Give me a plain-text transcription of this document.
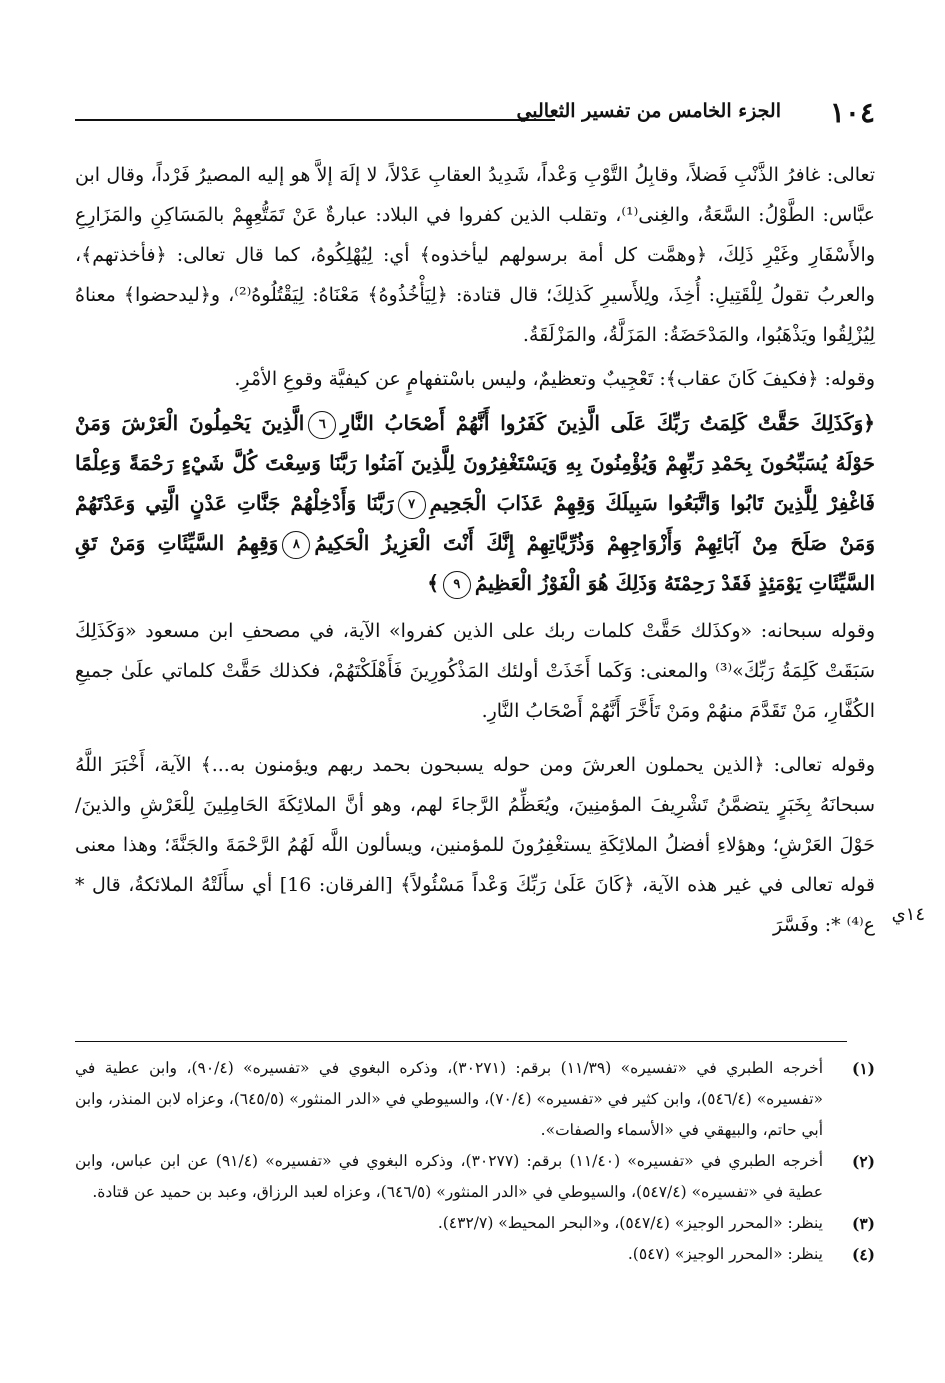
١٠٤
الجزء الخامس من تفسير الثعالبي

تعالى: غافرُ الذَّنْبِ فَضلاً، وقابِلُ التَّوْبِ وَعْداً، شَدِيدُ العقابِ عَدْلاً، لا إلَهَ إلاَّ هو إليه المصيرُ فَرْداً، وقال ابن عبَّاس: الطَّوْلُ: السَّعَةُ، والغِنى⁽¹⁾، وتقلب الذين كفروا في البلاد: عبارةٌ عَنْ تَمَتُّعِهِمْ بالمَسَاكِنِ والمَزَارِعِ والأَسْفَارِ وغَيْرِ ذَلِكَ، ﴿وهمَّت كل أمة برسولهم ليأخذوه﴾ أي: لِيُهْلِكُوهُ، كما قال تعالى: ﴿فأخذتهم﴾، والعربُ تقولُ لِلْقَتِيلِ: أُخِذَ، ولِلأَسيرِ كَذلِكَ؛ قال قتادة: ﴿لِيَأْخُذُوهُ﴾ مَعْنَاهُ: لِيَقْتُلُوهُ⁽²⁾، و﴿ليدحضوا﴾ معناهُ لِيُزْلِقُوا ويَذْهَبُوا، والمَدْحَضَةُ: المَزَلَّةُ، والمَزْلَقَةُ.

وقوله: ﴿فكيفَ كَانَ عقاب﴾: تَعْجِيبٌ وتعظيمٌ، وليس باسْتفهامٍ عن كيفيَّة وقوعِ الأمْرِ.

﴿وَكَذَلِكَ حَقَّتْ كَلِمَتُ رَبِّكَ عَلَى الَّذِينَ كَفَرُوا أَنَّهُمْ أَصْحَابُ النَّارِ٦الَّذِينَ يَحْمِلُونَ الْعَرْشَ وَمَنْ حَوْلَهُ يُسَبِّحُونَ بِحَمْدِ رَبِّهِمْ وَيُؤْمِنُونَ بِهِ وَيَسْتَغْفِرُونَ لِلَّذِينَ آمَنُوا رَبَّنَا وَسِعْتَ كُلَّ شَيْءٍ رَحْمَةً وَعِلْمًا فَاغْفِرْ لِلَّذِينَ تَابُوا وَاتَّبَعُوا سَبِيلَكَ وَقِهِمْ عَذَابَ الْجَحِيمِ٧رَبَّنَا وَأَدْخِلْهُمْ جَنَّاتِ عَدْنٍ الَّتِي وَعَدْتَهُمْ وَمَنْ صَلَحَ مِنْ آبَائِهِمْ وَأَزْوَاجِهِمْ وَذُرِّيَّاتِهِمْ إِنَّكَ أَنْتَ الْعَزِيزُ الْحَكِيمُ٨وَقِهِمُ السَّيِّئَاتِ وَمَنْ تَقِ السَّيِّئَاتِ يَوْمَئِذٍ فَقَدْ رَحِمْتَهُ وَذَلِكَ هُوَ الْفَوْزُ الْعَظِيمُ٩﴾

وقوله سبحانه: «وكذَلك حَقَّتْ كلمات ربك على الذين كفروا» الآية، في مصحفِ ابن مسعود «وَكَذَلِكَ سَبَقَتْ كَلِمَةُ رَبِّكَ»⁽³⁾ والمعنى: وَكَما أَخَذَتْ أولئك المَذْكُورِينَ فَأَهْلَكْتَهُمْ، فكذلك حَقَّتْ كلماتي علَىٰ جميعِ الكُفَّارِ، مَنْ تَقَدَّمَ منهُمْ ومَنْ تَأَخَّرَ أَنَّهُمْ أَصْحَابُ النَّارِ.

وقوله تعالى: ﴿الذين يحملون العرشَ ومن حوله يسبحون بحمد ربهم ويؤمنون به...﴾ الآية، أَخْبَرَ اللَّهُ سبحانَهُ بِخَبَرٍ يتضمَّنُ تَشْرِيفَ المؤمنِينَ، ويُعَظِّمُ الرَّجاءَ لهم، وهو أنَّ الملائِكَةَ الحَامِلِينَ لِلْعَرْشِ والذينَ/ حَوْلَ العَرْشِ؛ وهؤلاءِ أفضلُ الملائِكَةِ يستغْفِرُونَ للمؤمنين، ويسألون اللَّه لَهُمُ الرَّحْمَةَ والجَنَّةَ؛ وهذا معنى قوله تعالى في غير هذه الآية، ﴿كَانَ عَلَىٰ رَبِّكَ وَعْداً مَسْئُولاً﴾ [الفرقان: 16] أي سأَلَتْهُ الملائكةُ، قال * ع⁽⁴⁾ *: وفَسَّرَ ١٤ي

(١)
أخرجه الطبري في «تفسيره» (١١/٣٩) برقم: (٣٠٢٧١)، وذكره البغوي في «تفسيره» (٩٠/٤)، وابن عطية في «تفسيره» (٥٤٦/٤)، وابن كثير في «تفسيره» (٧٠/٤)، والسيوطي في «الدر المنثور» (٦٤٥/٥)، وعزاه لابن المنذر، وابن أبي حاتم، والبيهقي في «الأسماء والصفات».

(٢)
أخرجه الطبري في «تفسيره» (١١/٤٠) برقم: (٣٠٢٧٧)، وذكره البغوي في «تفسيره» (٩١/٤) عن ابن عباس، وابن عطية في «تفسيره» (٥٤٧/٤)، والسيوطي في «الدر المنثور» (٦٤٦/٥)، وعزاه لعبد الرزاق، وعبد بن حميد عن قتادة.

(٣)
ينظر: «المحرر الوجيز» (٥٤٧/٤)، و«البحر المحيط» (٤٣٢/٧).

(٤)
ينظر: «المحرر الوجيز» (٥٤٧).
